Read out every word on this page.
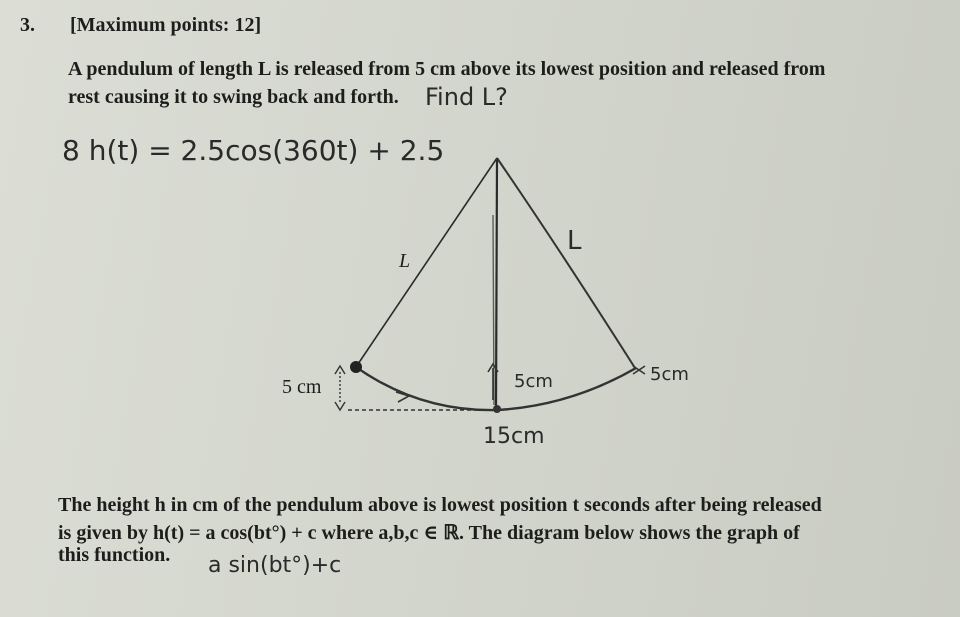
3. [Maximum points: 12]
A pendulum of length L is released from 5 cm above its lowest position and released from
rest causing it to swing back and forth. Find L?
8 h(t) = 2.5cos(360t) + 2.5
L
5 cm
L
5cm	5cm
15cm
The height h in cm of the pendulum above is lowest position t seconds after being released
is given by h(t) = a cos(bt°) + c where a,b,c ∈ ℝ. The diagram below shows the graph of
this function. a sin(bt°)+c
